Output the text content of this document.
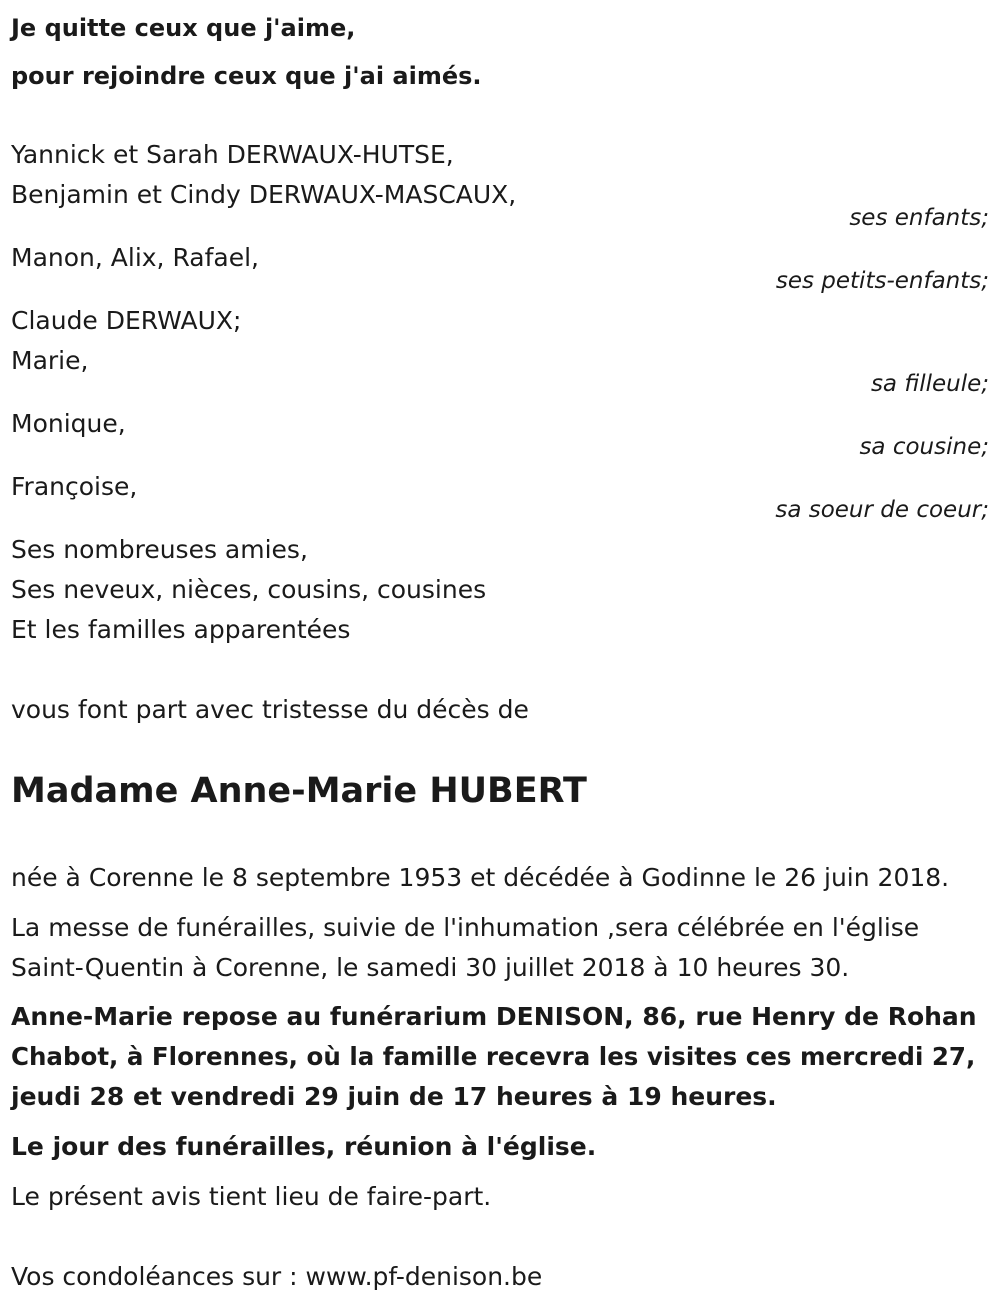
Je quitte ceux que j'aime,

pour rejoindre ceux que j'ai aimés.

Yannick et Sarah DERWAUX-HUTSE,

Benjamin et Cindy DERWAUX-MASCAUX,

ses enfants;

Manon, Alix, Rafael,

ses petits-enfants;

Claude DERWAUX;

Marie,

sa filleule;

Monique,

sa cousine;

Françoise,

sa soeur de coeur;

Ses nombreuses amies,

Ses neveux, nièces, cousins, cousines

Et les familles apparentées

vous font part avec tristesse du décès de

Madame Anne-Marie HUBERT

née à Corenne le 8 septembre 1953 et décédée à Godinne le 26 juin 2018.

La messe de funérailles, suivie de l'inhumation ,sera célébrée en l'église

Saint-Quentin à Corenne, le samedi 30 juillet 2018 à 10 heures 30.

Anne-Marie repose au funérarium DENISON, 86, rue Henry de Rohan

Chabot, à Florennes, où la famille recevra les visites ces mercredi 27,

jeudi 28 et vendredi 29 juin de 17 heures à 19 heures.

Le jour des funérailles, réunion à l'église.

Le présent avis tient lieu de faire-part.

Vos condoléances sur : www.pf-denison.be
